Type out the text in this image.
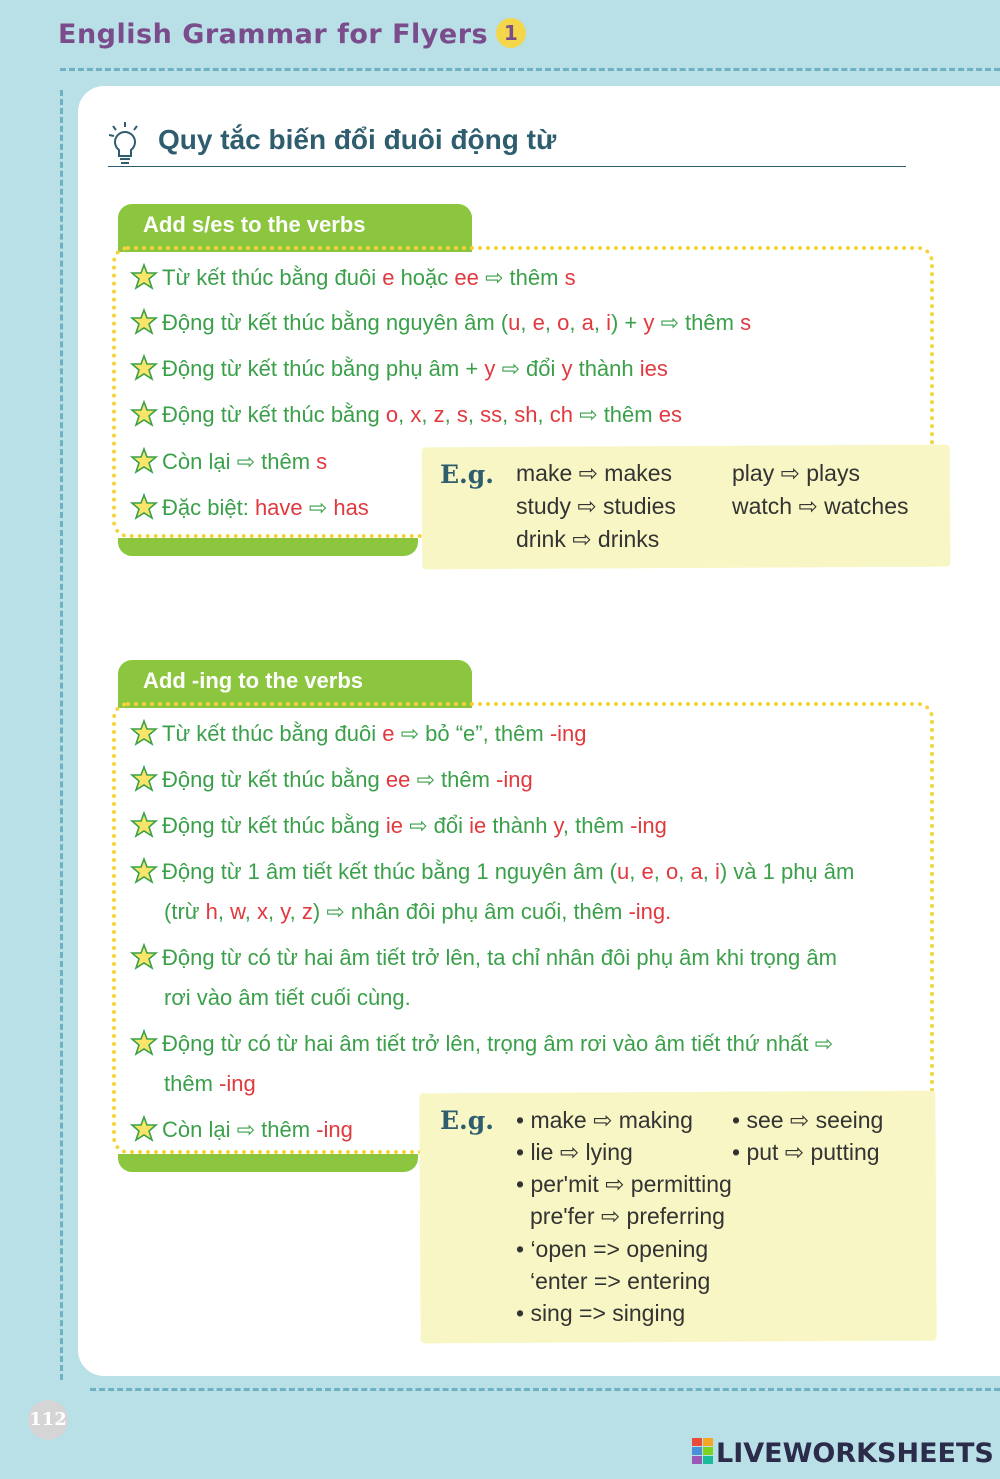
English Grammar for Flyers 1
Quy tắc biến đổi đuôi động từ
Add s/es to the verbs
Từ kết thúc bằng đuôi e hoặc ee ⇨ thêm s
Động từ kết thúc bằng nguyên âm (u, e, o, a, i) + y ⇨ thêm s
Động từ kết thúc bằng phụ âm + y ⇨ đổi y thành ies
Động từ kết thúc bằng o, x, z, s, ss, sh, ch ⇨ thêm es
Còn lại ⇨ thêm s
Đặc biệt: have ⇨ has
E.g. make ⇨ makes	play ⇨ plays
study ⇨ studies watch ⇨ watches
drink ⇨ drinks
Add -ing to the verbs
Từ kết thúc bằng đuôi e ⇨ bỏ “e”, thêm -ing
Động từ kết thúc bằng ee ⇨ thêm -ing
Động từ kết thúc bằng ie ⇨ đổi ie thành y, thêm -ing
Động từ 1 âm tiết kết thúc bằng 1 nguyên âm (u, e, o, a, i) và 1 phụ âm
(trừ h, w, x, y, z) ⇨ nhân đôi phụ âm cuối, thêm -ing.
Động từ có từ hai âm tiết trở lên, ta chỉ nhân đôi phụ âm khi trọng âm
rơi vào âm tiết cuối cùng.
Động từ có từ hai âm tiết trở lên, trọng âm rơi vào âm tiết thứ nhất ⇨
thêm -ing
Còn lại ⇨ thêm -ing	E.g. • make ⇨ making • see ⇨ seeing
• lie ⇨ lying	• put ⇨ putting
• per'mit ⇨ permitting
pre'fer ⇨ preferring
• ‘open => opening
‘enter => entering
• sing => singing
112
LIVEWORKSHEETS
